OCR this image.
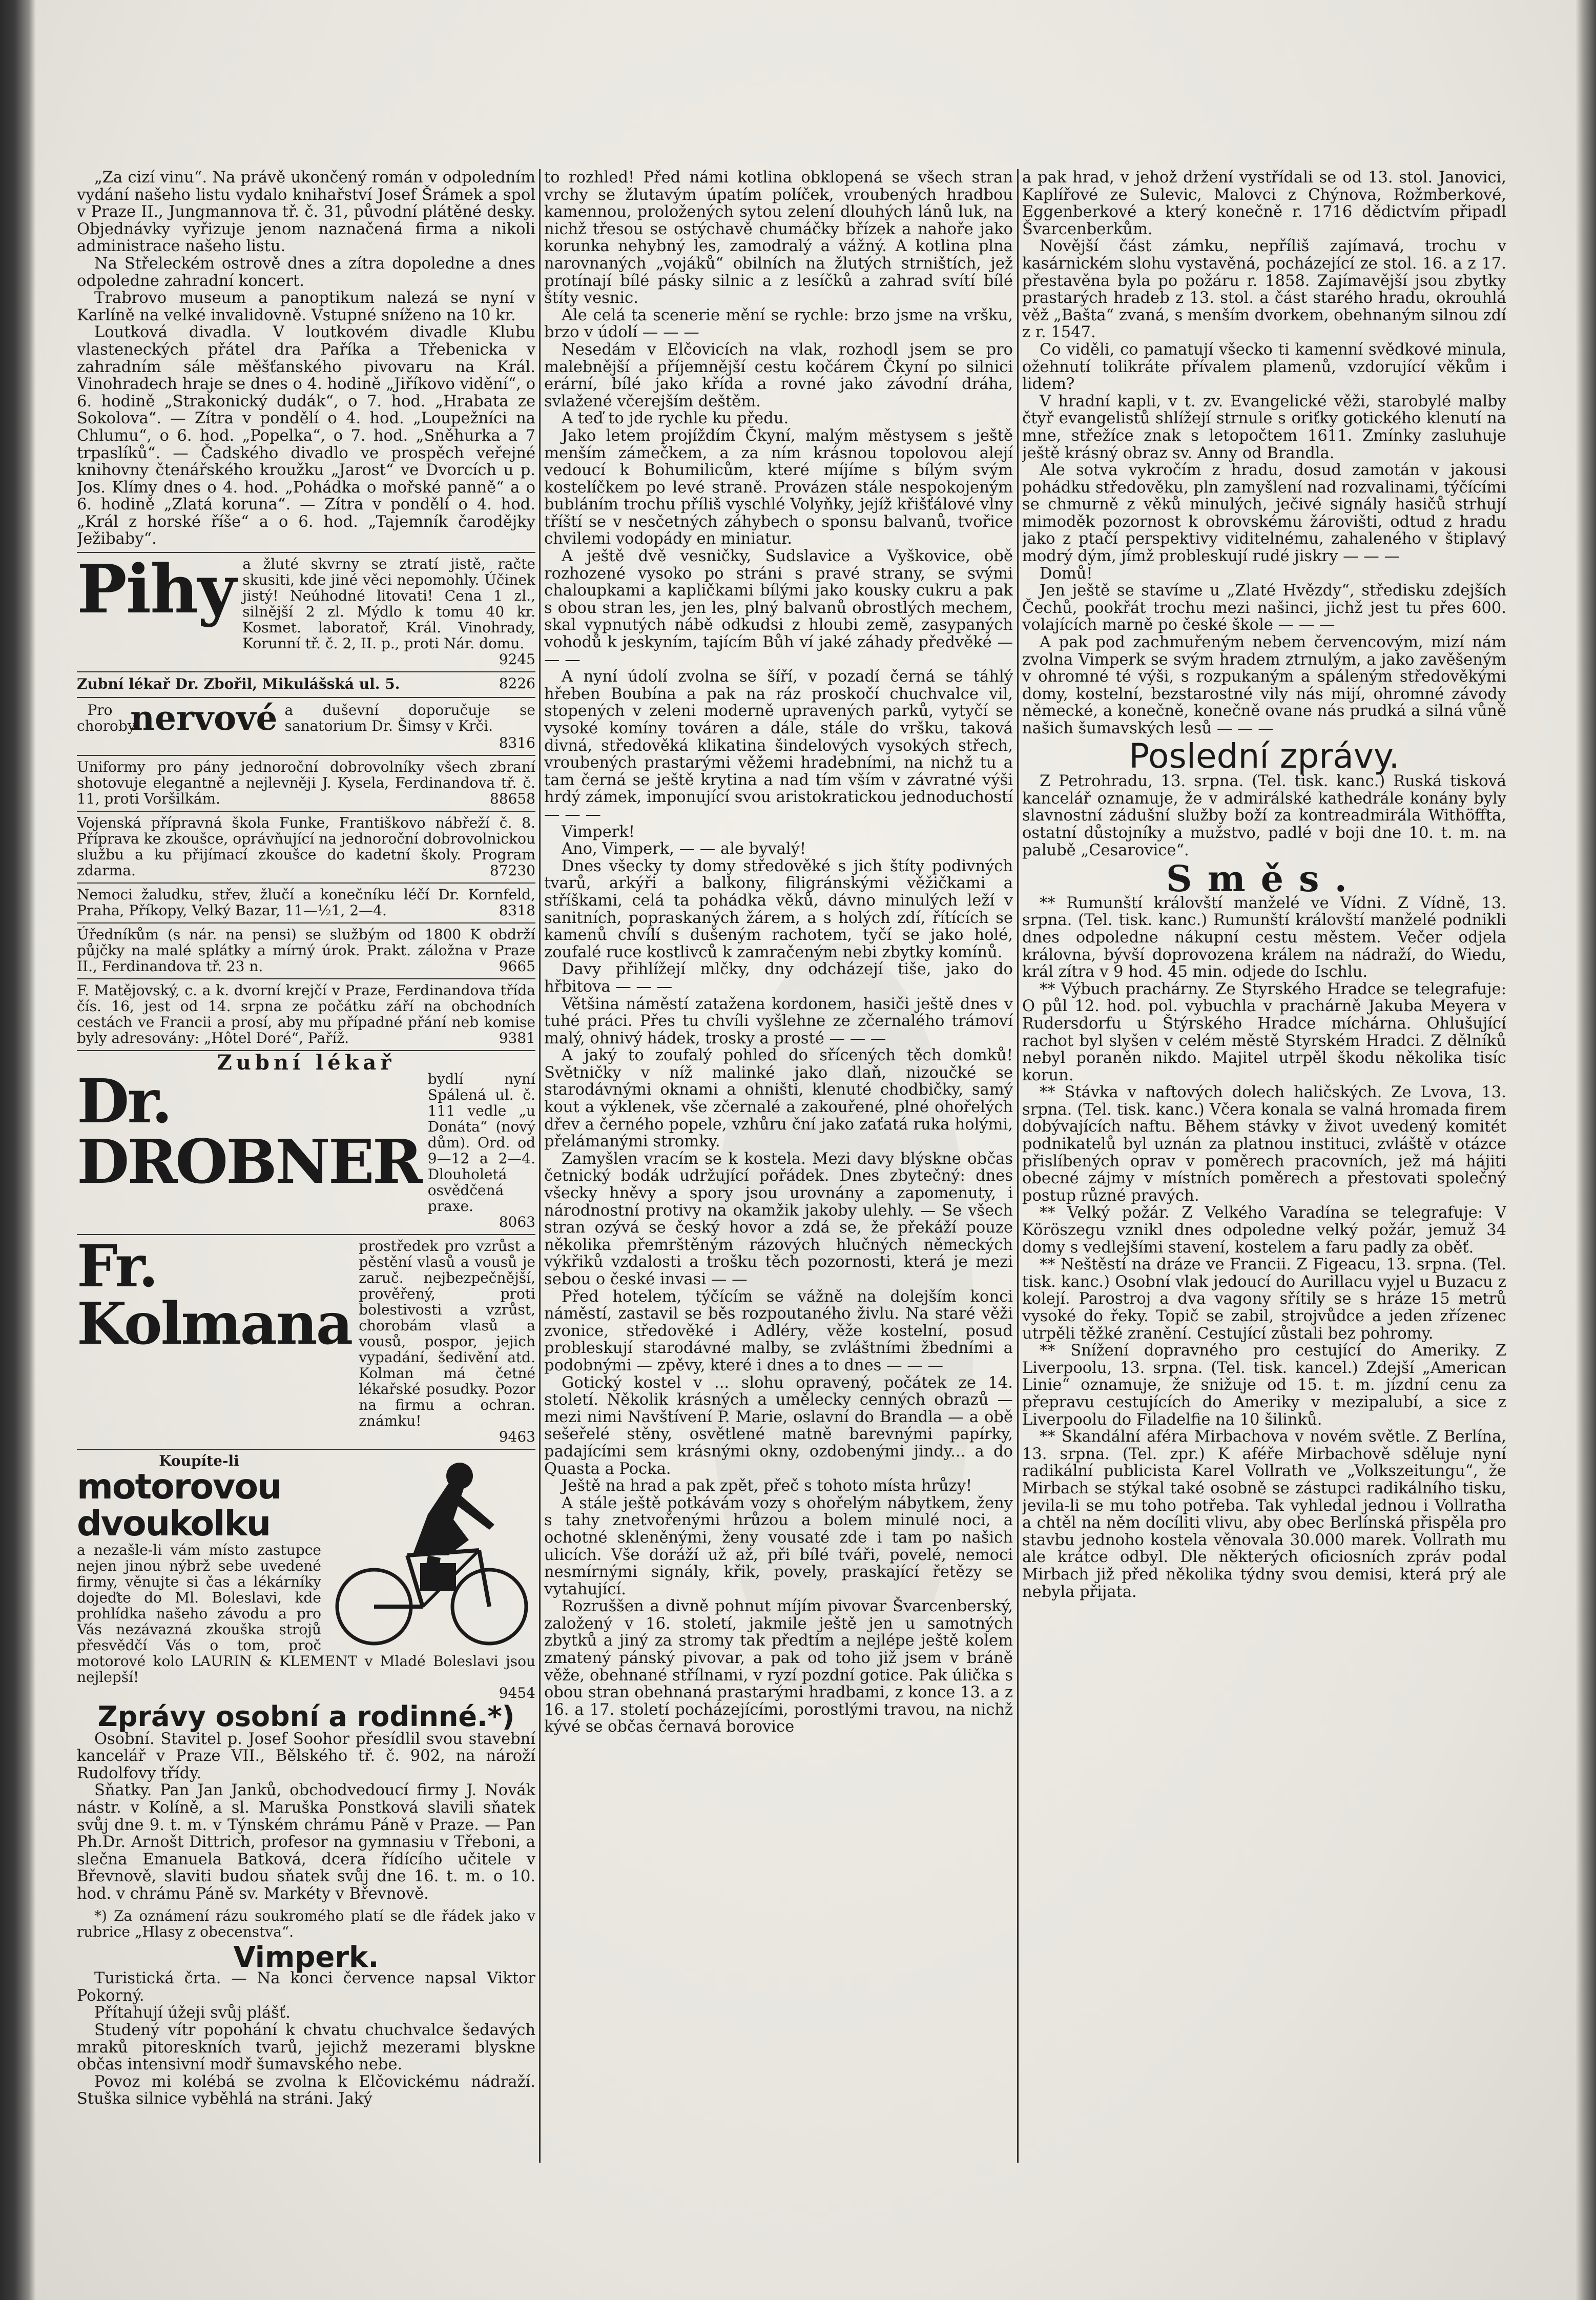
„Za cizí vinu“. Na právě ukončený román v odpoledním vydání našeho listu vydalo knihařství Josef Šrámek a spol v Praze II., Jungmannova tř. č. 31, původní plátěné desky. Objednávky vyřizuje jenom naznačená firma a nikoli administrace našeho listu.

Na Střeleckém ostrově dnes a zítra dopoledne a dnes odpoledne zahradní koncert.

Trabrovo museum a panoptikum nalezá se nyní v Karlíně na velké invalidovně. Vstupné sníženo na 10 kr.

Loutková divadla. V loutkovém divadle Klubu vlasteneckých přátel dra Paříka a Třebenicka v zahradním sále měšťanského pivovaru na Král. Vinohradech hraje se dnes o 4. hodině „Jiříkovo vidění“, o 6. hodině „Strakonický dudák“, o 7. hod. „Hrabata ze Sokolova“. — Zítra v pondělí o 4. hod. „Loupežníci na Chlumu“, o 6. hod. „Popelka“, o 7. hod. „Sněhurka a 7 trpaslíků“. — Čadského divadlo ve prospěch veřejné knihovny čtenářského kroužku „Jarost“ ve Dvorcích u p. Jos. Klímy dnes o 4. hod. „Pohádka o mořské panně“ a o 6. hodině „Zlatá koruna“. — Zítra v pondělí o 4. hod. „Král z horské říše“ a o 6. hod. „Tajemník čarodějky Ježibaby“.

Pihy a žluté skvrny se ztratí jistě, račte skusiti, kde jiné věci nepomohly. Účinek jistý! Neúhodné litovati! Cena 1 zl., silnější 2 zl. Mýdlo k tomu 40 kr. Kosmet. laboratoř, Král. Vinohrady, Korunní tř. č. 2, II. p., proti Nár. domu.
9245
Zubní lékař Dr. Zbořil, Mikulášská ul. 5.	8226
Pro
choroby
nervové a duševní doporučuje se sanatorium Dr. Šimsy v Krči.
8316
Uniformy pro pány jednoroční dobrovolníky všech zbraní shotovuje elegantně a nejlevněji J. Kysela, Ferdinandova tř. č. 11, proti Voršilkám.	88658
Vojenská přípravná škola Funke, Františkovo nábřeží č. 8. Příprava ke zkoušce, oprávňující na jednoroční dobrovolnickou službu a ku přijímací zkoušce do kadetní školy. Program zdarma.	87230
Nemoci žaludku, střev, žlučí a konečníku léčí Dr. Kornfeld, Praha, Příkopy, Velký Bazar, 11—½1, 2—4.	8318
Úředníkům (s nár. na pensi) se službým od 1800 K obdrží půjčky na malé splátky a mírný úrok. Prakt. záložna v Praze II., Ferdinandova tř. 23 n.	9665
F. Matějovský, c. a k. dvorní krejčí v Praze, Ferdinandova třída čís. 16, jest od 14. srpna ze počátku září na obchodních cestách ve Francii a prosí, aby mu případné přání neb komise byly adresovány: „Hôtel Doré“, Paříž.	9381
Zubní lékař
Dr. DROBNER
bydlí nyní Spálená ul. č. 111 vedle „u Donáta“ (nový dům). Ord. od 9—12 a 2—4. Dlouholetá osvědčená praxe.
8063
Fr. Kolmana
prostředek pro vzrůst a pěstění vlasů a vousů je zaruč. nejbezpečnější, prověřený, proti bolestivosti a vzrůst, chorobám vlasů a vousů, pospor, jejich vypadání, šedivění atd. Kolman má četné lékařské posudky. Pozor na firmu a ochran. známku!
9463
Koupíte-li
motorovou dvoukolku
a nezašle-li vám místo zastupce nejen jinou nýbrž sebe uvedené firmy, věnujte si čas a lékárníky dojeďte do Ml. Boleslavi, kde prohlídka našeho závodu a pro Vás nezávazná zkouška strojů přesvědčí Vás o tom, proč motorové kolo LAURIN & KLEMENT v Mladé Boleslavi jsou nejlepší!
9454
Zprávy osobní a rodinné.*)

Osobní. Stavitel p. Josef Soohor přesídlil svou stavební kancelář v Praze VII., Bělského tř. č. 902, na nároží Rudolfovy třídy.

Sňatky. Pan Jan Janků, obchodvedoucí firmy J. Novák nástr. v Kolíně, a sl. Maruška Ponstková slavili sňatek svůj dne 9. t. m. v Týnském chrámu Páně v Praze. — Pan Ph.Dr. Arnošt Dittrich, profesor na gymnasiu v Třeboni, a slečna Emanuela Batková, dcera řídícího učitele v Břevnově, slaviti budou sňatek svůj dne 16. t. m. o 10. hod. v chrámu Páně sv. Markéty v Břevnově.

*) Za oznámení rázu soukromého platí se dle řádek jako v rubrice „Hlasy z obecenstva“.

Vimperk.

Turistická črta. — Na konci července napsal Viktor Pokorný.

Přítahují úžeji svůj plášť.

Studený vítr popohání k chvatu chuchvalce šedavých mraků pitoreskních tvarů, jejichž mezerami blyskne občas intensivní modř šumavského nebe.

Povoz mi kolébá se zvolna k Elčovickému nádraží. Stuška silnice vyběhlá na stráni. Jaký

to rozhled! Před námi kotlina obklopená se všech stran vrchy se žlutavým úpatím políček, vroubených hradbou kamennou, proložených sytou zelení dlouhých lánů luk, na nichž třesou se ostýchavě chumáčky břízek a nahoře jako korunka nehybný les, zamodralý a vážný. A kotlina plna narovnaných „vojáků“ obilních na žlutých strništích, jež protínají bílé pásky silnic a z lesíčků a zahrad svítí bílé štíty vesnic.

Ale celá ta scenerie mění se rychle: brzo jsme na vršku, brzo v údolí — — —

Nesedám v Elčovicích na vlak, rozhodl jsem se pro malebnější a příjemnější cestu kočárem Čkyní po silnici erární, bílé jako křída a rovné jako závodní dráha, svlažené včerejším deštěm.

A teď to jde rychle ku předu.

Jako letem projíždím Čkyní, malým městysem s ještě menším zámečkem, a za ním krásnou topolovou alejí vedoucí k Bohumilicům, které míjíme s bílým svým kostelíčkem po levé straně. Provázen stále nespokojeným bubláním trochu příliš vyschlé Volyňky, jejíž křišťálové vlny tříští se v nesčetných záhybech o sponsu balvanů, tvořice chvilemi vodopády en miniatur.

A ještě dvě vesničky, Sudslavice a Vyškovice, obě rozhozené vysoko po stráni s pravé strany, se svými chaloupkami a kapličkami bílými jako kousky cukru a pak s obou stran les, jen les, plný balvanů obrostlých mechem, skal vypnutých nábě odkudsi z hloubi země, zasypaných vohodů k jeskyním, tajícím Bůh ví jaké záhady předvěké — — —

A nyní údolí zvolna se šíří, v pozadí černá se táhlý hřeben Boubína a pak na ráz proskočí chuchvalce vil, stopených v zeleni moderně upravených parků, vytyčí se vysoké komíny továren a dále, stále do vršku, taková divná, středověká klikatina šindelových vysokých střech, vroubených prastarými věžemi hradebními, na nichž tu a tam černá se ještě krytina a nad tím vším v závratné výši hrdý zámek, imponující svou aristokratickou jednoduchostí — — —

Vimperk!

Ano, Vimperk, — — ale byvalý!

Dnes všecky ty domy středověké s jich štíty podivných tvarů, arkýři a balkony, filigránskými věžičkami a stříškami, celá ta pohádka věků, dávno minulých leží v sanitních, popraskaných žárem, a s holých zdí, řítících se kamenů chvílí s dušeným rachotem, tyčí se jako holé, zoufalé ruce kostlivců k zamračeným nebi zbytky komínů.

Davy přihlížejí mlčky, dny odcházejí tiše, jako do hřbitova — — —

Většina náměstí zatažena kordonem, hasiči ještě dnes v tuhé práci. Přes tu chvíli vyšlehne ze zčernalého trámoví malý, ohnivý hádek, trosky a prosté — — —

A jaký to zoufalý pohled do sřícených těch domků! Světničky v níž malinké jako dlaň, nizoučké se starodávnými oknami a ohništi, klenuté chodbičky, samý kout a výklenek, vše zčernalé a zakouřené, plné ohořelých dřev a černého popele, vzhůru ční jako zaťatá ruka holými, přelámanými stromky.

Zamyšlen vracím se k kostela. Mezi davy blýskne občas četnický bodák udržující pořádek. Dnes zbytečný: dnes všecky hněvy a spory jsou urovnány a zapomenuty, i národnostní protivy na okamžik jakoby ulehly. — Se všech stran ozývá se český hovor a zdá se, že překáží pouze několika přemrštěným rázových hlučných německých výkřiků vzdalosti a trošku těch pozornosti, která je mezi sebou o české invasi — —

Před hotelem, týčícím se vážně na dolejším konci náměstí, zastavil se běs rozpoutaného živlu. Na staré věži zvonice, středověké i Adléry, věže kostelní, posud probleskují starodávné malby, se zvláštními žbedními a podobnými — zpěvy, které i dnes a to dnes — — —

Gotický kostel v ... slohu opravený, počátek ze 14. století. Několik krásných a umělecky cenných obrazů — mezi nimi Navštívení P. Marie, oslavní do Brandla — a obě sešeřelé stěny, osvětlené matně barevnými papírky, padajícími sem krásnými okny, ozdobenými jindy... a do Quasta a Pocka.

Ještě na hrad a pak zpět, přeč s tohoto místa hrůzy!

A stále ještě potkávám vozy s ohořelým nábytkem, ženy s tahy znetvořenými hrůzou a bolem minulé noci, a ochotné skleněnými, ženy vousaté zde i tam po našich ulicích. Vše doráží už až, při bílé tváři, povelé, nemoci nesmírnými signály, křik, povely, praskající řetězy se vytahující.

Rozruššen a divně pohnut míjím pivovar Švarcenberský, založený v 16. století, jakmile ještě jen u samotných zbytků a jiný za stromy tak předtím a nejlépe ještě kolem zmatený pánský pivovar, a pak od toho již jsem v bráně věže, obehnané střílnami, v ryzí pozdní gotice. Pak úlička s obou stran obehnaná prastarými hradbami, z konce 13. a z 16. a 17. století pocházejícími, porostlými travou, na nichž kývé se občas černavá borovice

a pak hrad, v jehož držení vystřídali se od 13. stol. Janovici, Kaplířové ze Sulevic, Malovci z Chýnova, Rožmberkové, Eggenberkové a který konečně r. 1716 dědictvím připadl Švarcenberkům.

Novější část zámku, nepříliš zajímavá, trochu v kasárnickém slohu vystavěná, pocházející ze stol. 16. a z 17. přestavěna byla po požáru r. 1858. Zajímavější jsou zbytky prastarých hradeb z 13. stol. a část starého hradu, okrouhlá věž „Bašta“ zvaná, s menším dvorkem, obehnaným silnou zdí z r. 1547.

Co viděli, co pamatují všecko ti kamenní svědkové minula, ožehnutí tolikráte přívalem plamenů, vzdorující věkům i lidem?

V hradní kapli, v t. zv. Evangelické věži, starobylé malby čtyř evangelistů shlížejí strnule s oriťky gotického klenutí na mne, střežíce znak s letopočtem 1611. Zmínky zasluhuje ještě krásný obraz sv. Anny od Brandla.

Ale sotva vykročím z hradu, dosud zamotán v jakousi pohádku středověku, pln zamyšlení nad rozvalinami, týčícími se chmurně z věků minulých, ječivé signály hasičů strhují mimoděk pozornost k obrovskému žárovišti, odtud z hradu jako z ptačí perspektivy viditelnému, zahaleného v štiplavý modrý dým, jímž probleskují rudé jiskry — — —

Domů!

Jen ještě se stavíme u „Zlaté Hvězdy“, středisku zdejších Čechů, pookřát trochu mezi našinci, jichž jest tu přes 600. volajících marně po české škole — — —

A pak pod zachmuřeným nebem červencovým, mizí nám zvolna Vimperk se svým hradem ztrnulým, a jako zavěšeným v ohromné té výši, s rozpukaným a spáleným středověkými domy, kostelní, bezstarostné vily nás mijí, ohromné závody německé, a konečně, konečně ovane nás prudká a silná vůně našich šumavských lesů — — —

Poslední zprávy.

Z Petrohradu, 13. srpna. (Tel. tisk. kanc.) Ruská tisková kancelář oznamuje, že v admirálské kathedrále konány byly slavnostní zádušní služby boží za kontreadmirála Withöffta, ostatní důstojníky a mužstvo, padlé v boji dne 10. t. m. na palubě „Cesarovice“.

Směs.

** Rumunští královští manželé ve Vídni. Z Vídně, 13. srpna. (Tel. tisk. kanc.) Rumunští královští manželé podnikli dnes odpoledne nákupní cestu městem. Večer odjela královna, bývší doprovozena králem na nádraží, do Wiedu, král zítra v 9 hod. 45 min. odjede do Ischlu.

** Výbuch prachárny. Ze Styrského Hradce se telegrafuje: O půl 12. hod. pol. vybuchla v prachárně Jakuba Meyera v Rudersdorfu u Štýrského Hradce míchárna. Ohlušující rachot byl slyšen v celém městě Styrském Hradci. Z dělníků nebyl poraněn nikdo. Majitel utrpěl škodu několika tisíc korun.

** Stávka v naftových dolech haličských. Ze Lvova, 13. srpna. (Tel. tisk. kanc.) Včera konala se valná hromada firem dobývajících naftu. Během stávky v život uvedený komitét podnikatelů byl uznán za platnou instituci, zvláště v otázce přislíbených oprav v poměrech pracovních, jež má hájiti obecné zájmy v místních poměrech a přestovati společný postup různé pravých.

** Velký požár. Z Velkého Varadína se telegrafuje: V Köröszegu vznikl dnes odpoledne velký požár, jemuž 34 domy s vedlejšími stavení, kostelem a faru padly za oběť.

** Neštěstí na dráze ve Francii. Z Figeacu, 13. srpna. (Tel. tisk. kanc.) Osobní vlak jedoucí do Aurillacu vyjel u Buzacu z kolejí. Parostroj a dva vagony sřítily se s hráze 15 metrů vysoké do řeky. Topič se zabil, strojvůdce a jeden zřízenec utrpěli těžké zranění. Cestující zůstali bez pohromy.

** Snížení dopravného pro cestující do Ameriky. Z Liverpoolu, 13. srpna. (Tel. tisk. kancel.) Zdejší „American Linie“ oznamuje, že snižuje od 15. t. m. jízdní cenu za přepravu cestujících do Ameriky v mezipalubí, a sice z Liverpoolu do Filadelfie na 10 šilinků.

** Skandální aféra Mirbachova v novém světle. Z Berlína, 13. srpna. (Tel. zpr.) K aféře Mirbachově sděluje nyní radikální publicista Karel Vollrath ve „Volkszeitungu“, že Mirbach se stýkal také osobně se zástupci radikálního tisku, jevila-li se mu toho potřeba. Tak vyhledal jednou i Vollratha a chtěl na něm docíliti vlivu, aby obec Berlínská přispěla pro stavbu jednoho kostela věnovala 30.000 marek. Vollrath mu ale krátce odbyl. Dle některých oficiosních zpráv podal Mirbach již před několika týdny svou demisi, která prý ale nebyla přijata.
